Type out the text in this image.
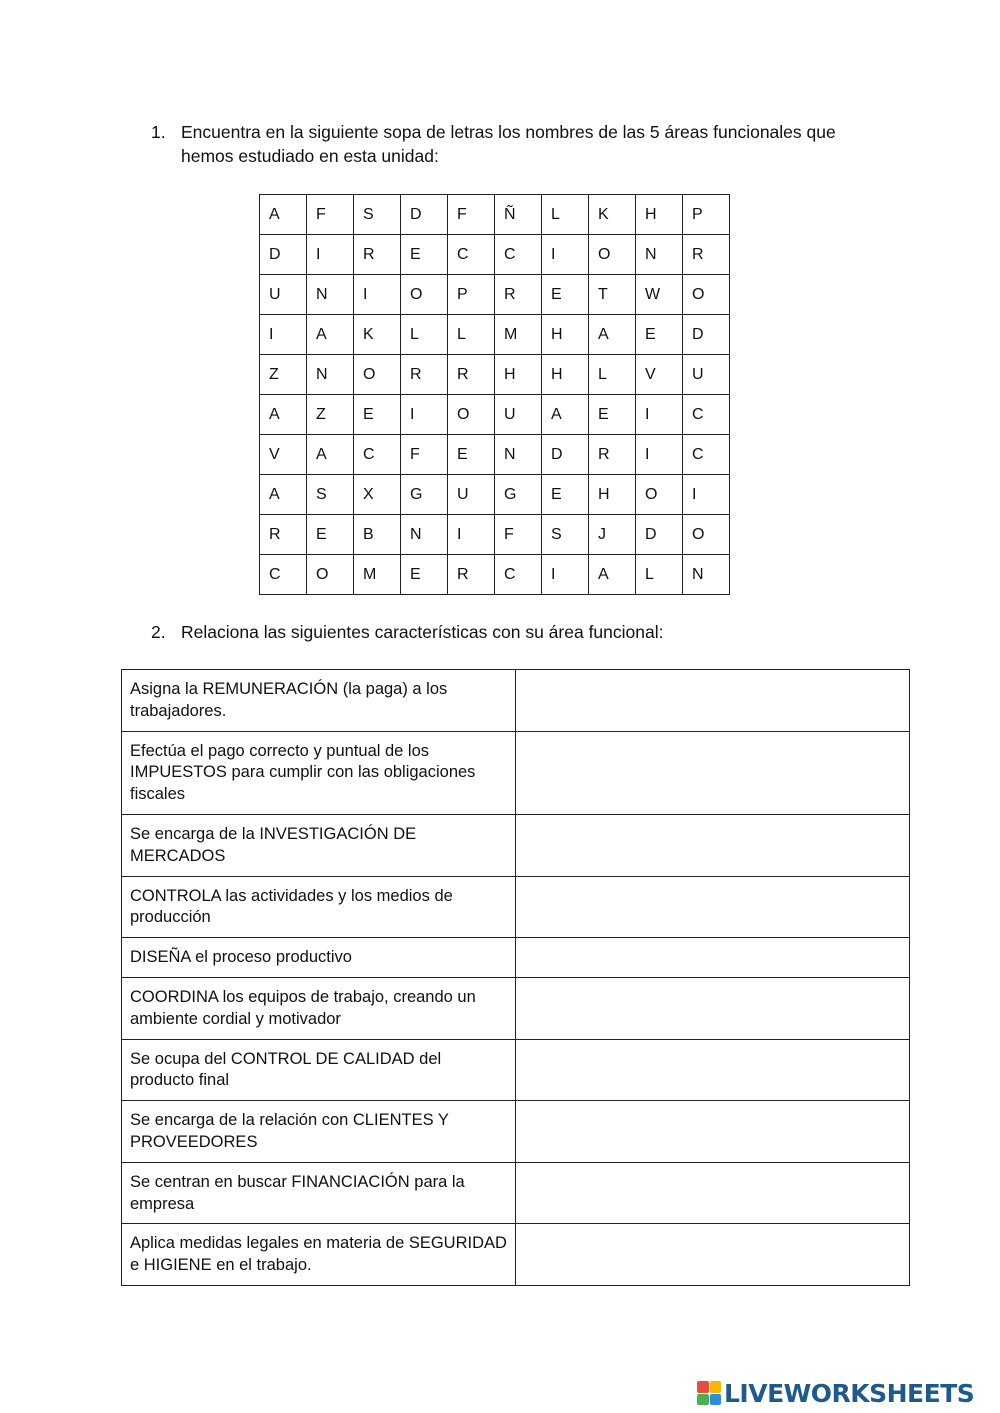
1. Encuentra en la siguiente sopa de letras los nombres de las 5 áreas funcionales que hemos estudiado en esta unidad:
A	F	S	D	F	Ñ	L	K	H	P
D	I	R	E	C	C	I	O	N	R
U	N	I	O	P	R	E	T	W	O
I	A	K	L	L	M	H	A	E	D
Z	N	O	R	R	H	H	L	V	U
A	Z	E	I	O	U	A	E	I	C
V	A	C	F	E	N	D	R	I	C
A	S	X	G	U	G	E	H	O	I
R	E	B	N	I	F	S	J	D	O
C	O	M	E	R	C	I	A	L	N
2. Relaciona las siguientes características con su área funcional:
Asigna la REMUNERACIÓN (la paga) a los trabajadores.	
Efectúa el pago correcto y puntual de los IMPUESTOS para cumplir con las obligaciones fiscales	
Se encarga de la INVESTIGACIÓN DE MERCADOS	
CONTROLA las actividades y los medios de producción	
DISEÑA el proceso productivo	
COORDINA los equipos de trabajo, creando un ambiente cordial y motivador	
Se ocupa del CONTROL DE CALIDAD del producto final	
Se encarga de la relación con CLIENTES Y PROVEEDORES	
Se centran en buscar FINANCIACIÓN para la empresa	
Aplica medidas legales en materia de SEGURIDAD e HIGIENE en el trabajo.	
LIVEWORKSHEETS
